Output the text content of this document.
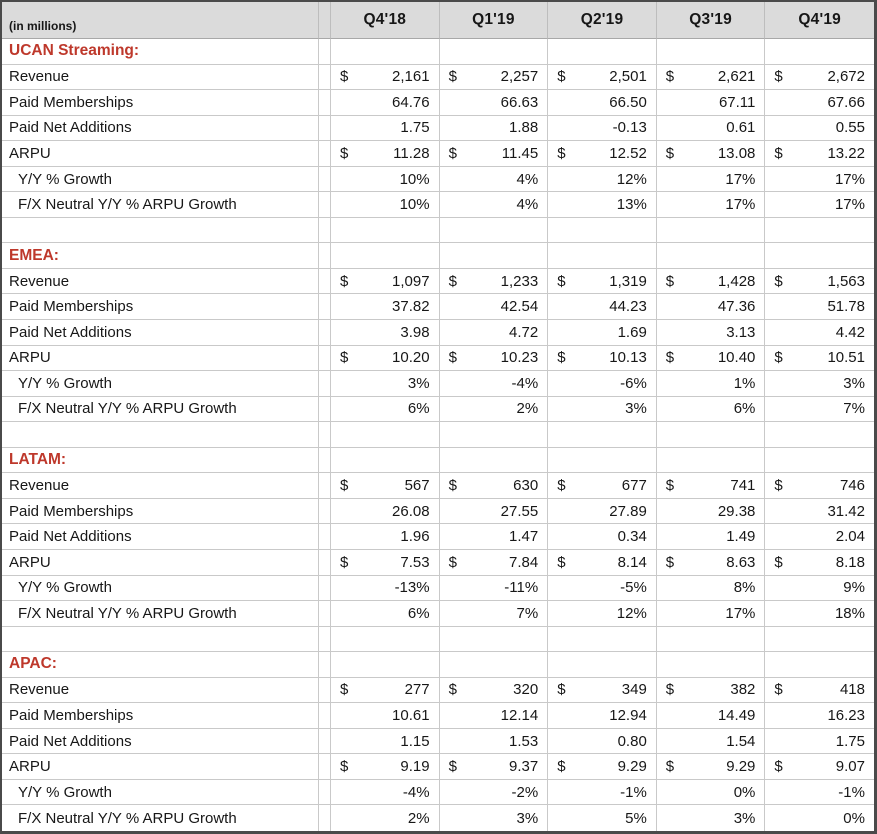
(in millions)	Q4'18	Q1'19	Q2'19	Q3'19	Q4'19
UCAN Streaming:
Revenue	$	2,161 $	2,257 $	2,501 $	2,621 $	2,672
Paid Memberships	64.76	66.63	66.50	67.11	67.66
Paid Net Additions	1.75	1.88	-0.13	0.61	0.55
ARPU	$	11.28 $	11.45 $	12.52 $	13.08 $	13.22
Y/Y % Growth	10%	4%	12%	17%	17%
F/X Neutral Y/Y % ARPU Growth	10%	4%	13%	17%	17%
EMEA:
Revenue	$	1,097 $	1,233 $	1,319 $	1,428 $	1,563
Paid Memberships	37.82	42.54	44.23	47.36	51.78
Paid Net Additions	3.98	4.72	1.69	3.13	4.42
ARPU	$	10.20 $	10.23 $	10.13 $	10.40 $	10.51
Y/Y % Growth	3%	-4%	-6%	1%	3%
F/X Neutral Y/Y % ARPU Growth	6%	2%	3%	6%	7%
LATAM:
Revenue	$	567 $	630 $	677 $	741 $	746
Paid Memberships	26.08	27.55	27.89	29.38	31.42
Paid Net Additions	1.96	1.47	0.34	1.49	2.04
ARPU	$	7.53 $	7.84 $	8.14 $	8.63 $	8.18
Y/Y % Growth	-13%	-11%	-5%	8%	9%
F/X Neutral Y/Y % ARPU Growth	6%	7%	12%	17%	18%
APAC:
Revenue	$	277 $	320 $	349 $	382 $	418
Paid Memberships	10.61	12.14	12.94	14.49	16.23
Paid Net Additions	1.15	1.53	0.80	1.54	1.75
ARPU	$	9.19 $	9.37 $	9.29 $	9.29 $	9.07
Y/Y % Growth	-4%	-2%	-1%	0%	-1%
F/X Neutral Y/Y % ARPU Growth	2%	3%	5%	3%	0%
